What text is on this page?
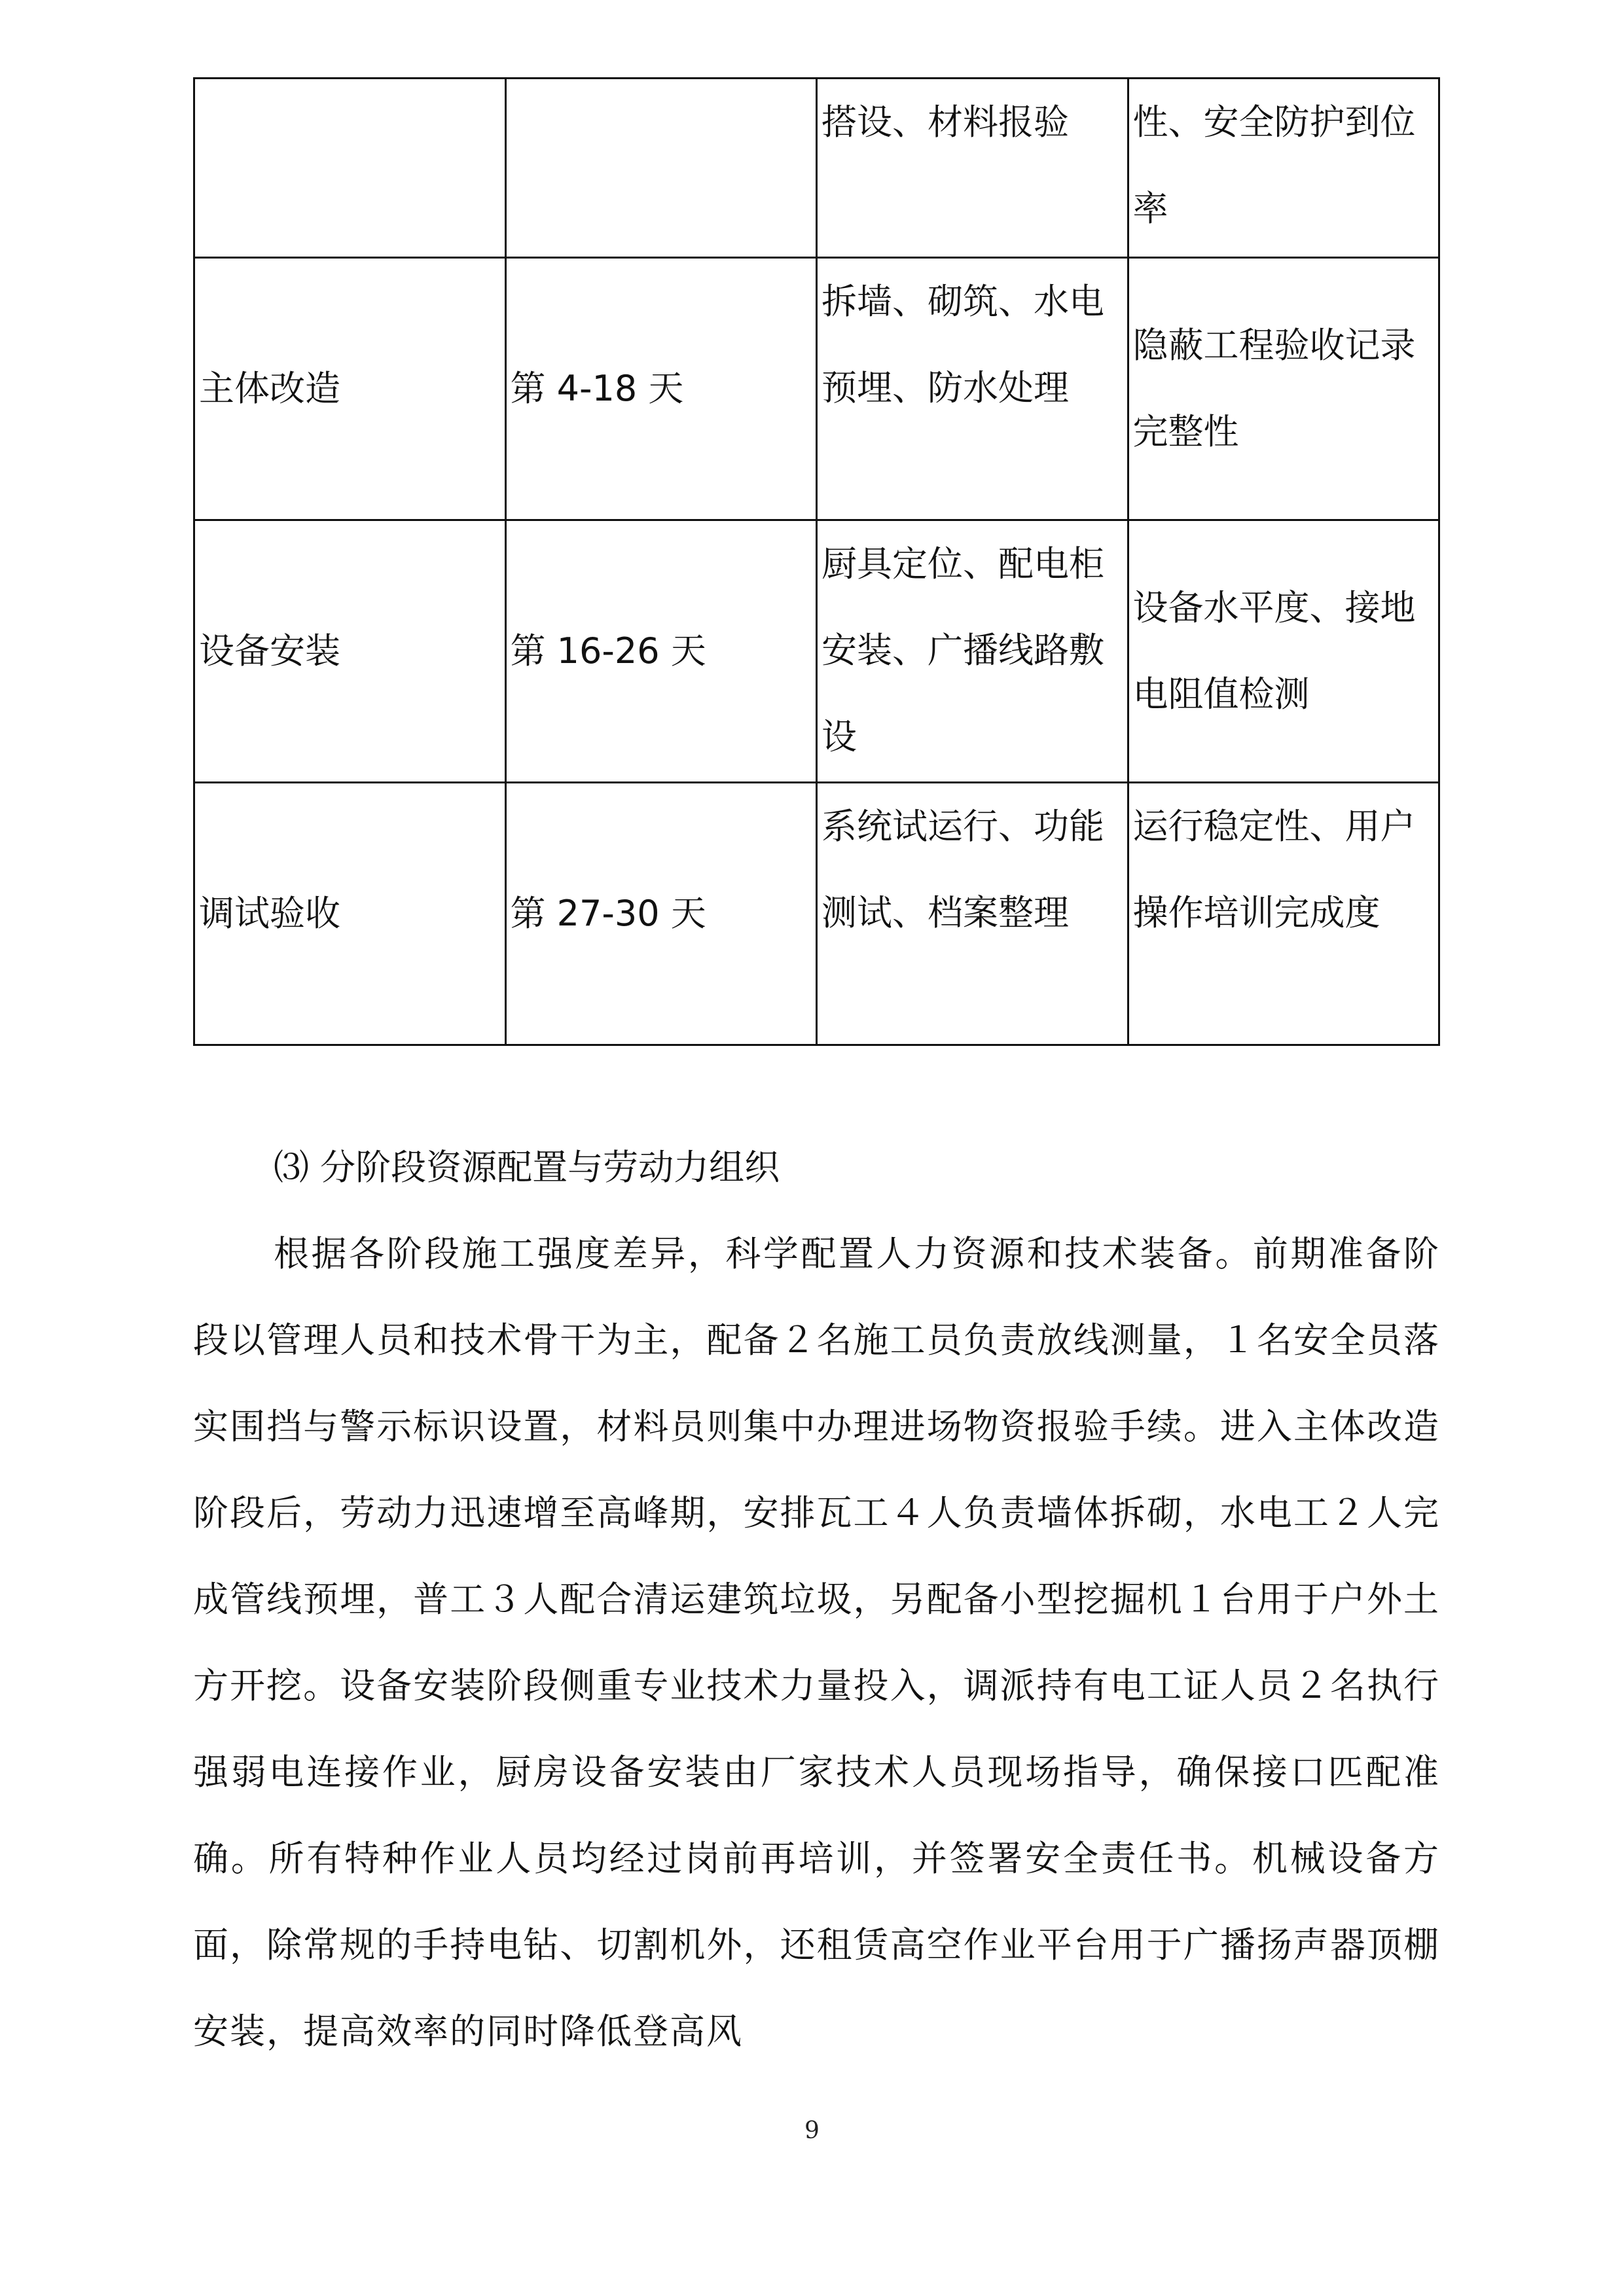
		搭设、材料报验	性、安全防护到位率
主体改造	第 4-18 天	拆墙、砌筑、水电预埋、防水处理	隐蔽工程验收记录完整性
设备安装	第 16-26 天	厨具定位、配电柜安装、广播线路敷设	设备水平度、接地电阻值检测
调试验收	第 27-30 天	系统试运行、功能测试、档案整理	运行稳定性、用户操作培训完成度
⑶ 分阶段资源配置与劳动力组织

根据各阶段施工强度差异，科学配置人力资源和技术装备。前期准备阶段以管理人员和技术骨干为主，配备２名施工员负责放线测量，１名安全员落实围挡与警示标识设置，材料员则集中办理进场物资报验手续。进入主体改造阶段后，劳动力迅速增至高峰期，安排瓦工４人负责墙体拆砌，水电工２人完成管线预埋，普工３人配合清运建筑垃圾，另配备小型挖掘机１台用于户外土方开挖。设备安装阶段侧重专业技术力量投入，调派持有电工证人员２名执行强弱电连接作业，厨房设备安装由厂家技术人员现场指导，确保接口匹配准确。所有特种作业人员均经过岗前再培训，并签署安全责任书。机械设备方面，除常规的手持电钻、切割机外，还租赁高空作业平台用于广播扬声器顶棚安装，提高效率的同时降低登高风

9
